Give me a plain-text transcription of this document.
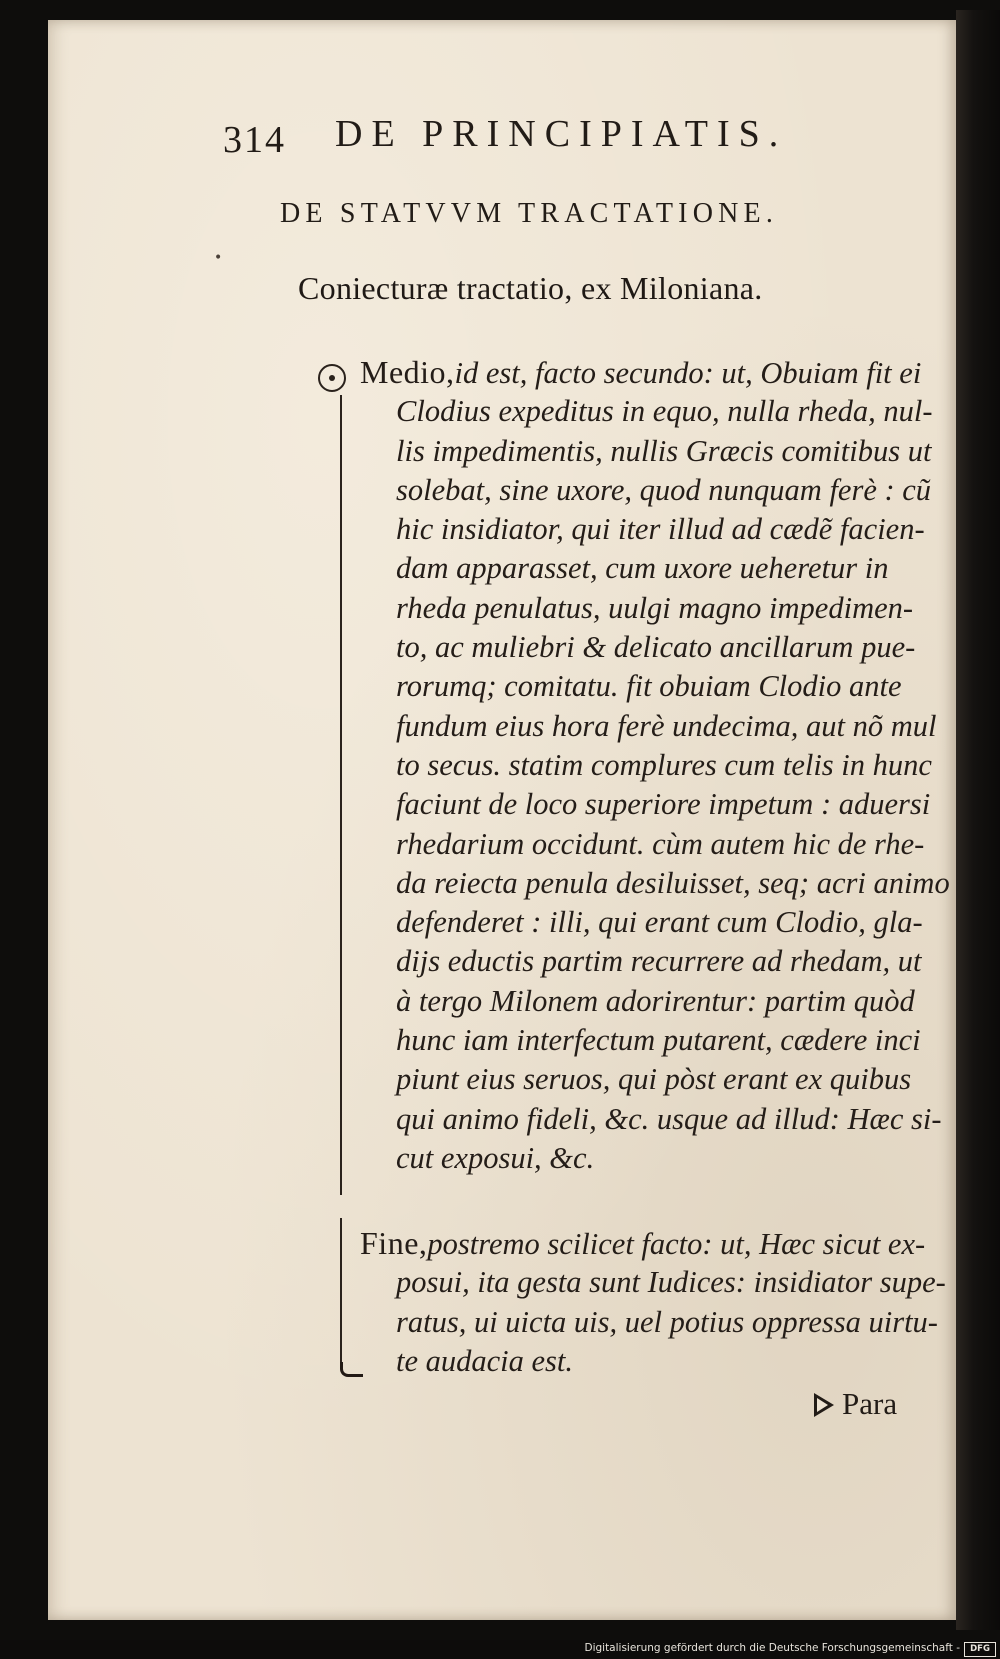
314 DE PRINCIPIATIS.
DE STATVVM TRACTATIONE.
•
Coniecturæ tractatio, ex Miloniana.
Medio,id est, facto secundo: ut, Obuiam fit ei
Clodius expeditus in equo, nulla rheda, nul-
lis impedimentis, nullis Græcis comitibus ut
solebat, sine uxore, quod nunquam ferè : cũ
hic insidiator, qui iter illud ad cædẽ facien-
dam apparasset, cum uxore ueheretur in
rheda penulatus, uulgi magno impedimen-
to, ac muliebri & delicato ancillarum pue-
rorumq; comitatu. fit obuiam Clodio ante
fundum eius hora ferè undecima, aut nõ mul
to secus. statim complures cum telis in hunc
faciunt de loco superiore impetum : aduersi
rhedarium occidunt. cùm autem hic de rhe-
da reiecta penula desiluisset, seq; acri animo
defenderet : illi, qui erant cum Clodio, gla-
dijs eductis partim recurrere ad rhedam, ut
à tergo Milonem adorirentur: partim quòd
hunc iam interfectum putarent, cædere inci
piunt eius seruos, qui pòst erant ex quibus
qui animo fideli, &c. usque ad illud: Hæc si-
cut exposui, &c.
Fine,postremo scilicet facto: ut, Hæc sicut ex-
posui, ita gesta sunt Iudices: insidiator supe-
ratus, ui uicta uis, uel potius oppressa uirtu-
te audacia est.
Para
Digitalisierung gefördert durch die Deutsche Forschungsgemeinschaft -	DFG
